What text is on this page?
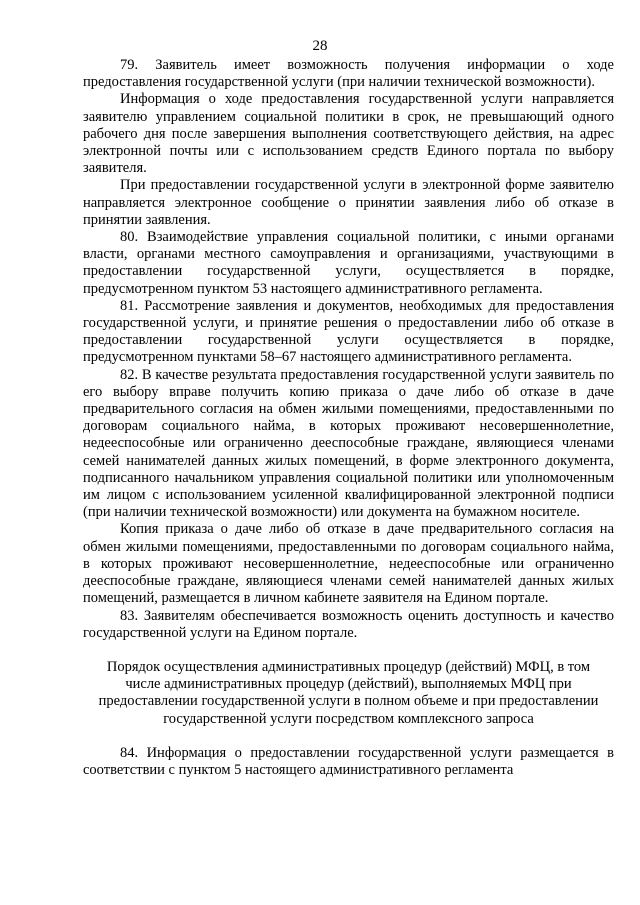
28

79. Заявитель имеет возможность получения информации о ходе предоставления государственной услуги (при наличии технической возможности).

Информация о ходе предоставления государственной услуги направляется заявителю управлением социальной политики в срок, не превышающий одного рабочего дня после завершения выполнения соответствующего действия, на адрес электронной почты или с использованием средств Единого портала по выбору заявителя.

При предоставлении государственной услуги в электронной форме заявителю направляется электронное сообщение о принятии заявления либо об отказе в принятии заявления.

80. Взаимодействие управления социальной политики, с иными органами власти, органами местного самоуправления и организациями, участвующими в предоставлении государственной услуги, осуществляется в порядке, предусмотренном пунктом 53 настоящего административного регламента.

81. Рассмотрение заявления и документов, необходимых для предоставления государственной услуги, и принятие решения о предоставлении либо об отказе в предоставлении государственной услуги осуществляется в порядке, предусмотренном пунктами 58–67 настоящего административного регламента.

82. В качестве результата предоставления государственной услуги заявитель по его выбору вправе получить копию приказа о даче либо об отказе в даче предварительного согласия на обмен жилыми помещениями, предоставленными по договорам социального найма, в которых проживают несовершеннолетние, недееспособные или ограниченно дееспособные граждане, являющиеся членами семей нанимателей данных жилых помещений, в форме электронного документа, подписанного начальником управления социальной политики или уполномоченным им лицом с использованием усиленной квалифицированной электронной подписи (при наличии технической возможности) или документа на бумажном носителе.

Копия приказа о даче либо об отказе в даче предварительного согласия на обмен жилыми помещениями, предоставленными по договорам социального найма, в которых проживают несовершеннолетние, недееспособные или ограниченно дееспособные граждане, являющиеся членами семей нанимателей данных жилых помещений, размещается в личном кабинете заявителя на Едином портале.

83. Заявителям обеспечивается возможность оценить доступность и качество государственной услуги на Едином портале.

Порядок осуществления административных процедур (действий) МФЦ, в том числе административных процедур (действий), выполняемых МФЦ при предоставлении государственной услуги в полном объеме и при предоставлении государственной услуги посредством комплексного запроса

84. Информация о предоставлении государственной услуги размещается в соответствии с пунктом 5 настоящего административного регламента
